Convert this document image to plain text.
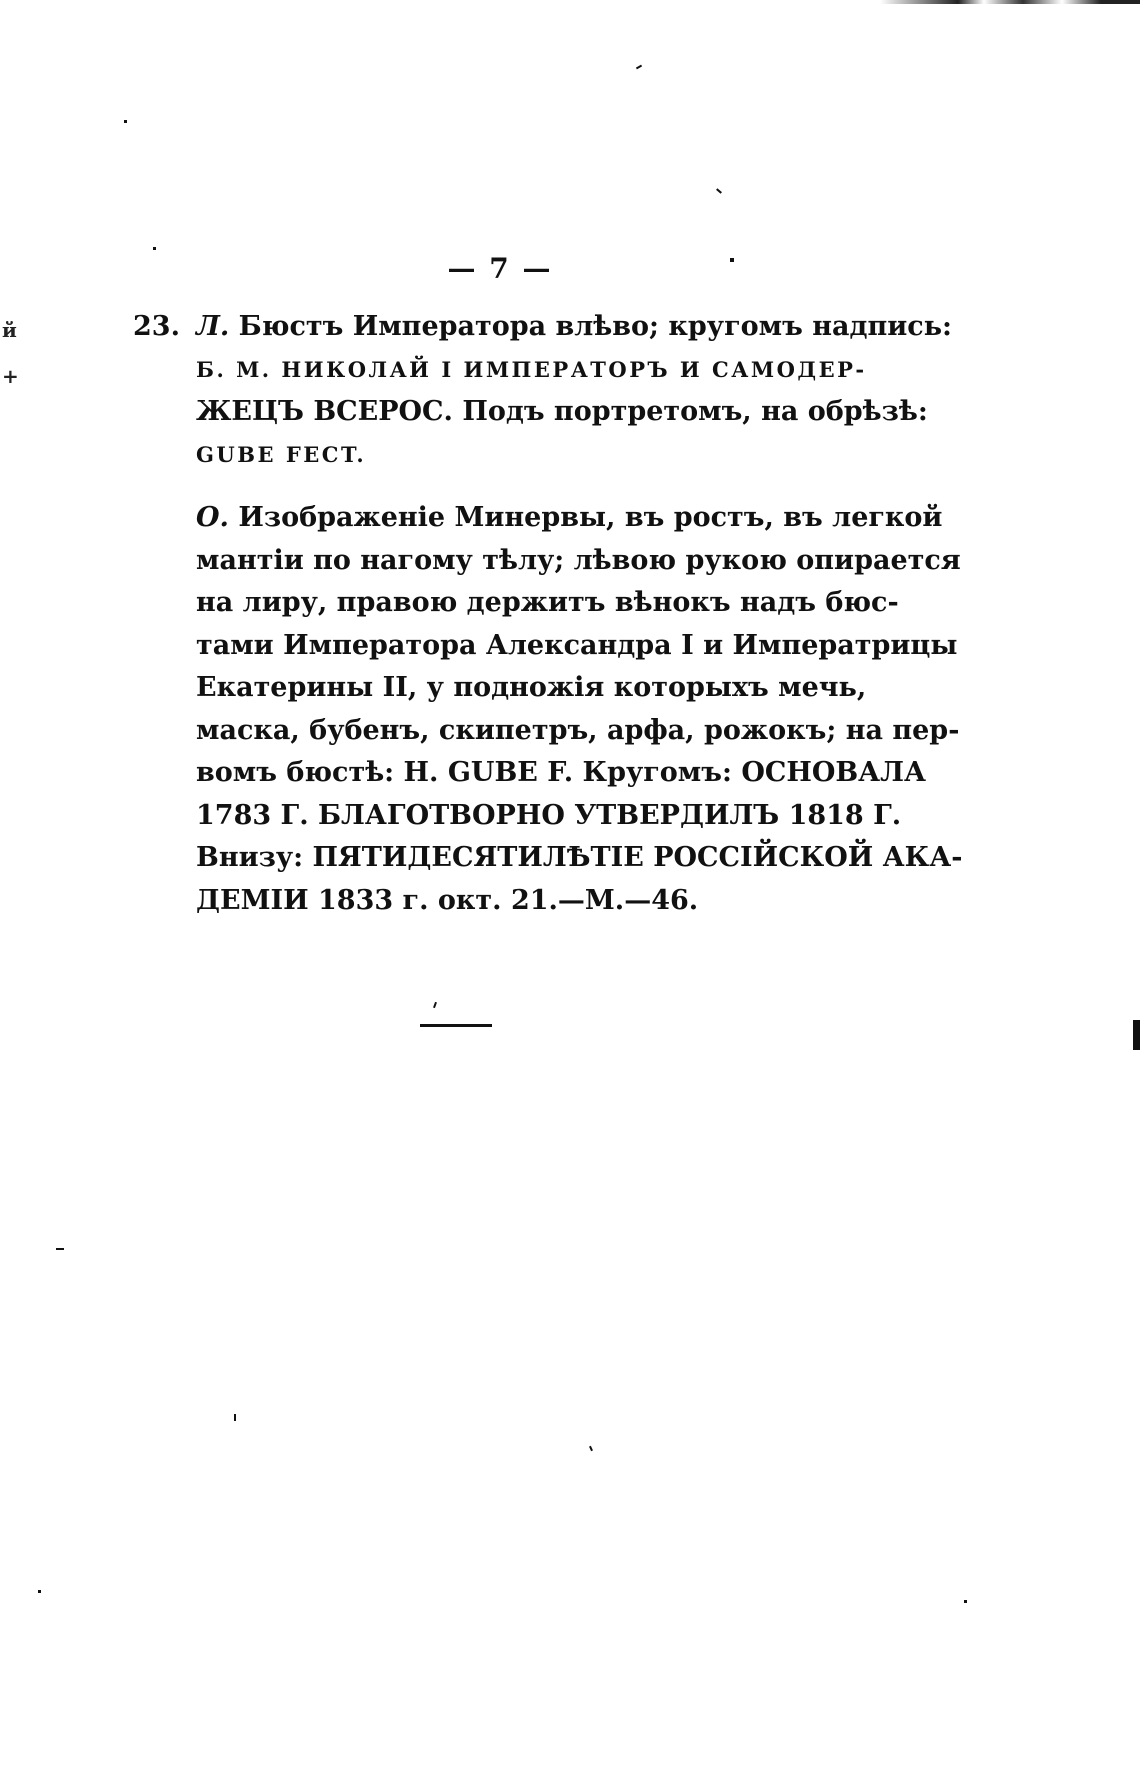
й
+
— 7 —
23. Л. Бюстъ Императора влѣво; кругомъ надпись:
Б. М. НИКОЛАЙ I ИМПЕРАТОРЪ И САМОДЕР-
ЖЕЦЪ ВСЕРОС. Подъ портретомъ, на обрѣзѣ:
GUBE FECT.
О. Изображеніе Минервы, въ ростъ, въ легкой
мантіи по нагому тѣлу; лѣвою рукою опирается
на лиру, правою держитъ вѣнокъ надъ бюс-
тами Императора Александра I и Императрицы
Екатерины II, у подножія которыхъ мечь,
маска, бубенъ, скипетръ, арфа, рожокъ; на пер-
вомъ бюстѣ: Н. GUBE F. Кругомъ: ОСНОВАЛА
1783 Г. БЛАГОТВОРНО УТВЕРДИЛЪ 1818 Г.
Внизу: ПЯТИДЕСЯТИЛѢТІЕ РОССІЙСКОЙ АКА-
ДЕМІИ 1833 г. окт. 21.—М.—46.
